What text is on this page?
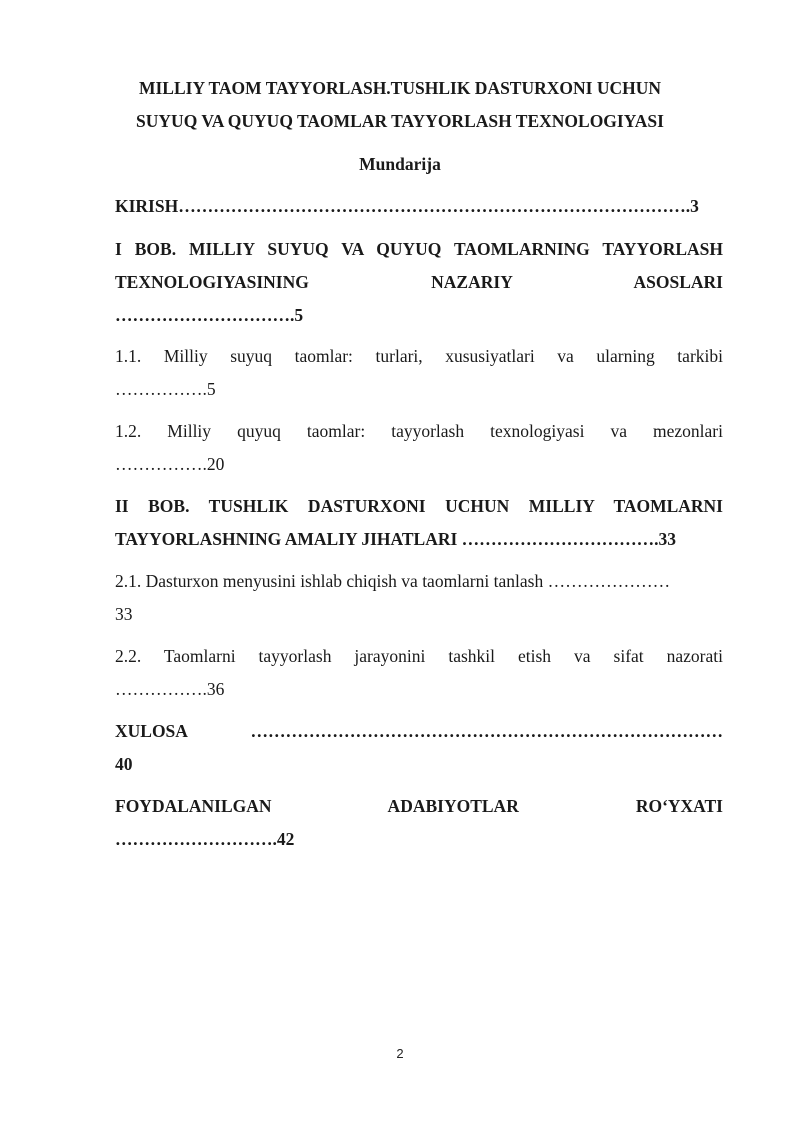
MILLIY TAOM TAYYORLASH.TUSHLIK DASTURXONI UCHUN
SUYUQ VA QUYUQ TAOMLAR TAYYORLASH TEXNOLOGIYASI
Mundarija
KIRISH…………………………………………………………………………….3
I BOB. MILLIY SUYUQ VA QUYUQ TAOMLARNING TAYYORLASH
TEXNOLOGIYASINING NAZARIY ASOSLARI
………………………….5
1.1. Milliy suyuq taomlar: turlari, xususiyatlari va ularning tarkibi
…………….5
1.2. Milliy quyuq taomlar: tayyorlash texnologiyasi va mezonlari
…………….20
II BOB. TUSHLIK DASTURXONI UCHUN MILLIY TAOMLARNI
TAYYORLASHNING AMALIY JIHATLARI …………………………….33
2.1. Dasturxon menyusini ishlab chiqish va taomlarni tanlash …………………
33
2.2. Taomlarni tayyorlash jarayonini tashkil etish va sifat nazorati
…………….36
XULOSA ………………………………………………………………………
40
FOYDALANILGAN ADABIYOTLAR RO‘YXATI
……………………….42
2
